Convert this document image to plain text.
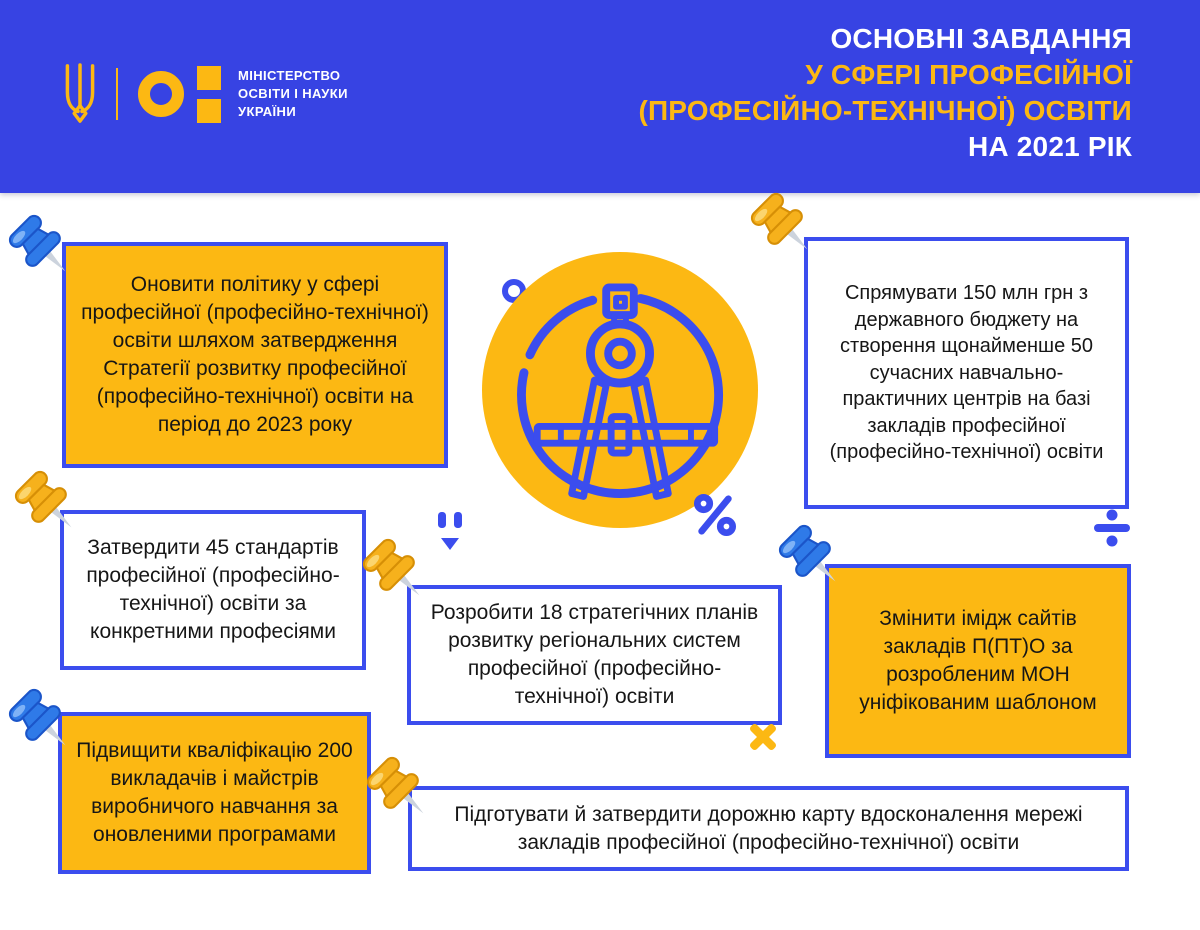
МІНІСТЕРСТВО
ОСВІТИ І НАУКИ
УКРАЇНИ
ОСНОВНІ ЗАВДАННЯ
У СФЕРІ ПРОФЕСІЙНОЇ
(ПРОФЕСІЙНО-ТЕХНІЧНОЇ) ОСВІТИ
НА 2021 РІК

Оновити політику у сфері професійної (професійно-технічної) освіти шляхом затвердження Стратегії розвитку професійної (професійно-технічної) освіти на період до 2023 року

Затвердити 45 стандартів професійної (професійно-технічної) освіти за конкретними професіями

Підвищити кваліфікацію 200 викладачів і майстрів виробничого навчання за оновленими програмами

Розробити 18 стратегічних планів розвитку регіональних систем професійної (професійно-технічної) освіти

Спрямувати 150 млн грн з державного бюджету на створення щонайменше 50 сучасних навчально-практичних центрів на базі закладів професійної (професійно-технічної) освіти

Змінити імідж сайтів закладів П(ПТ)О за розробленим МОН уніфікованим шаблоном

Підготувати й затвердити дорожню карту вдосконалення мережі закладів професійної (професійно-технічної) освіти
